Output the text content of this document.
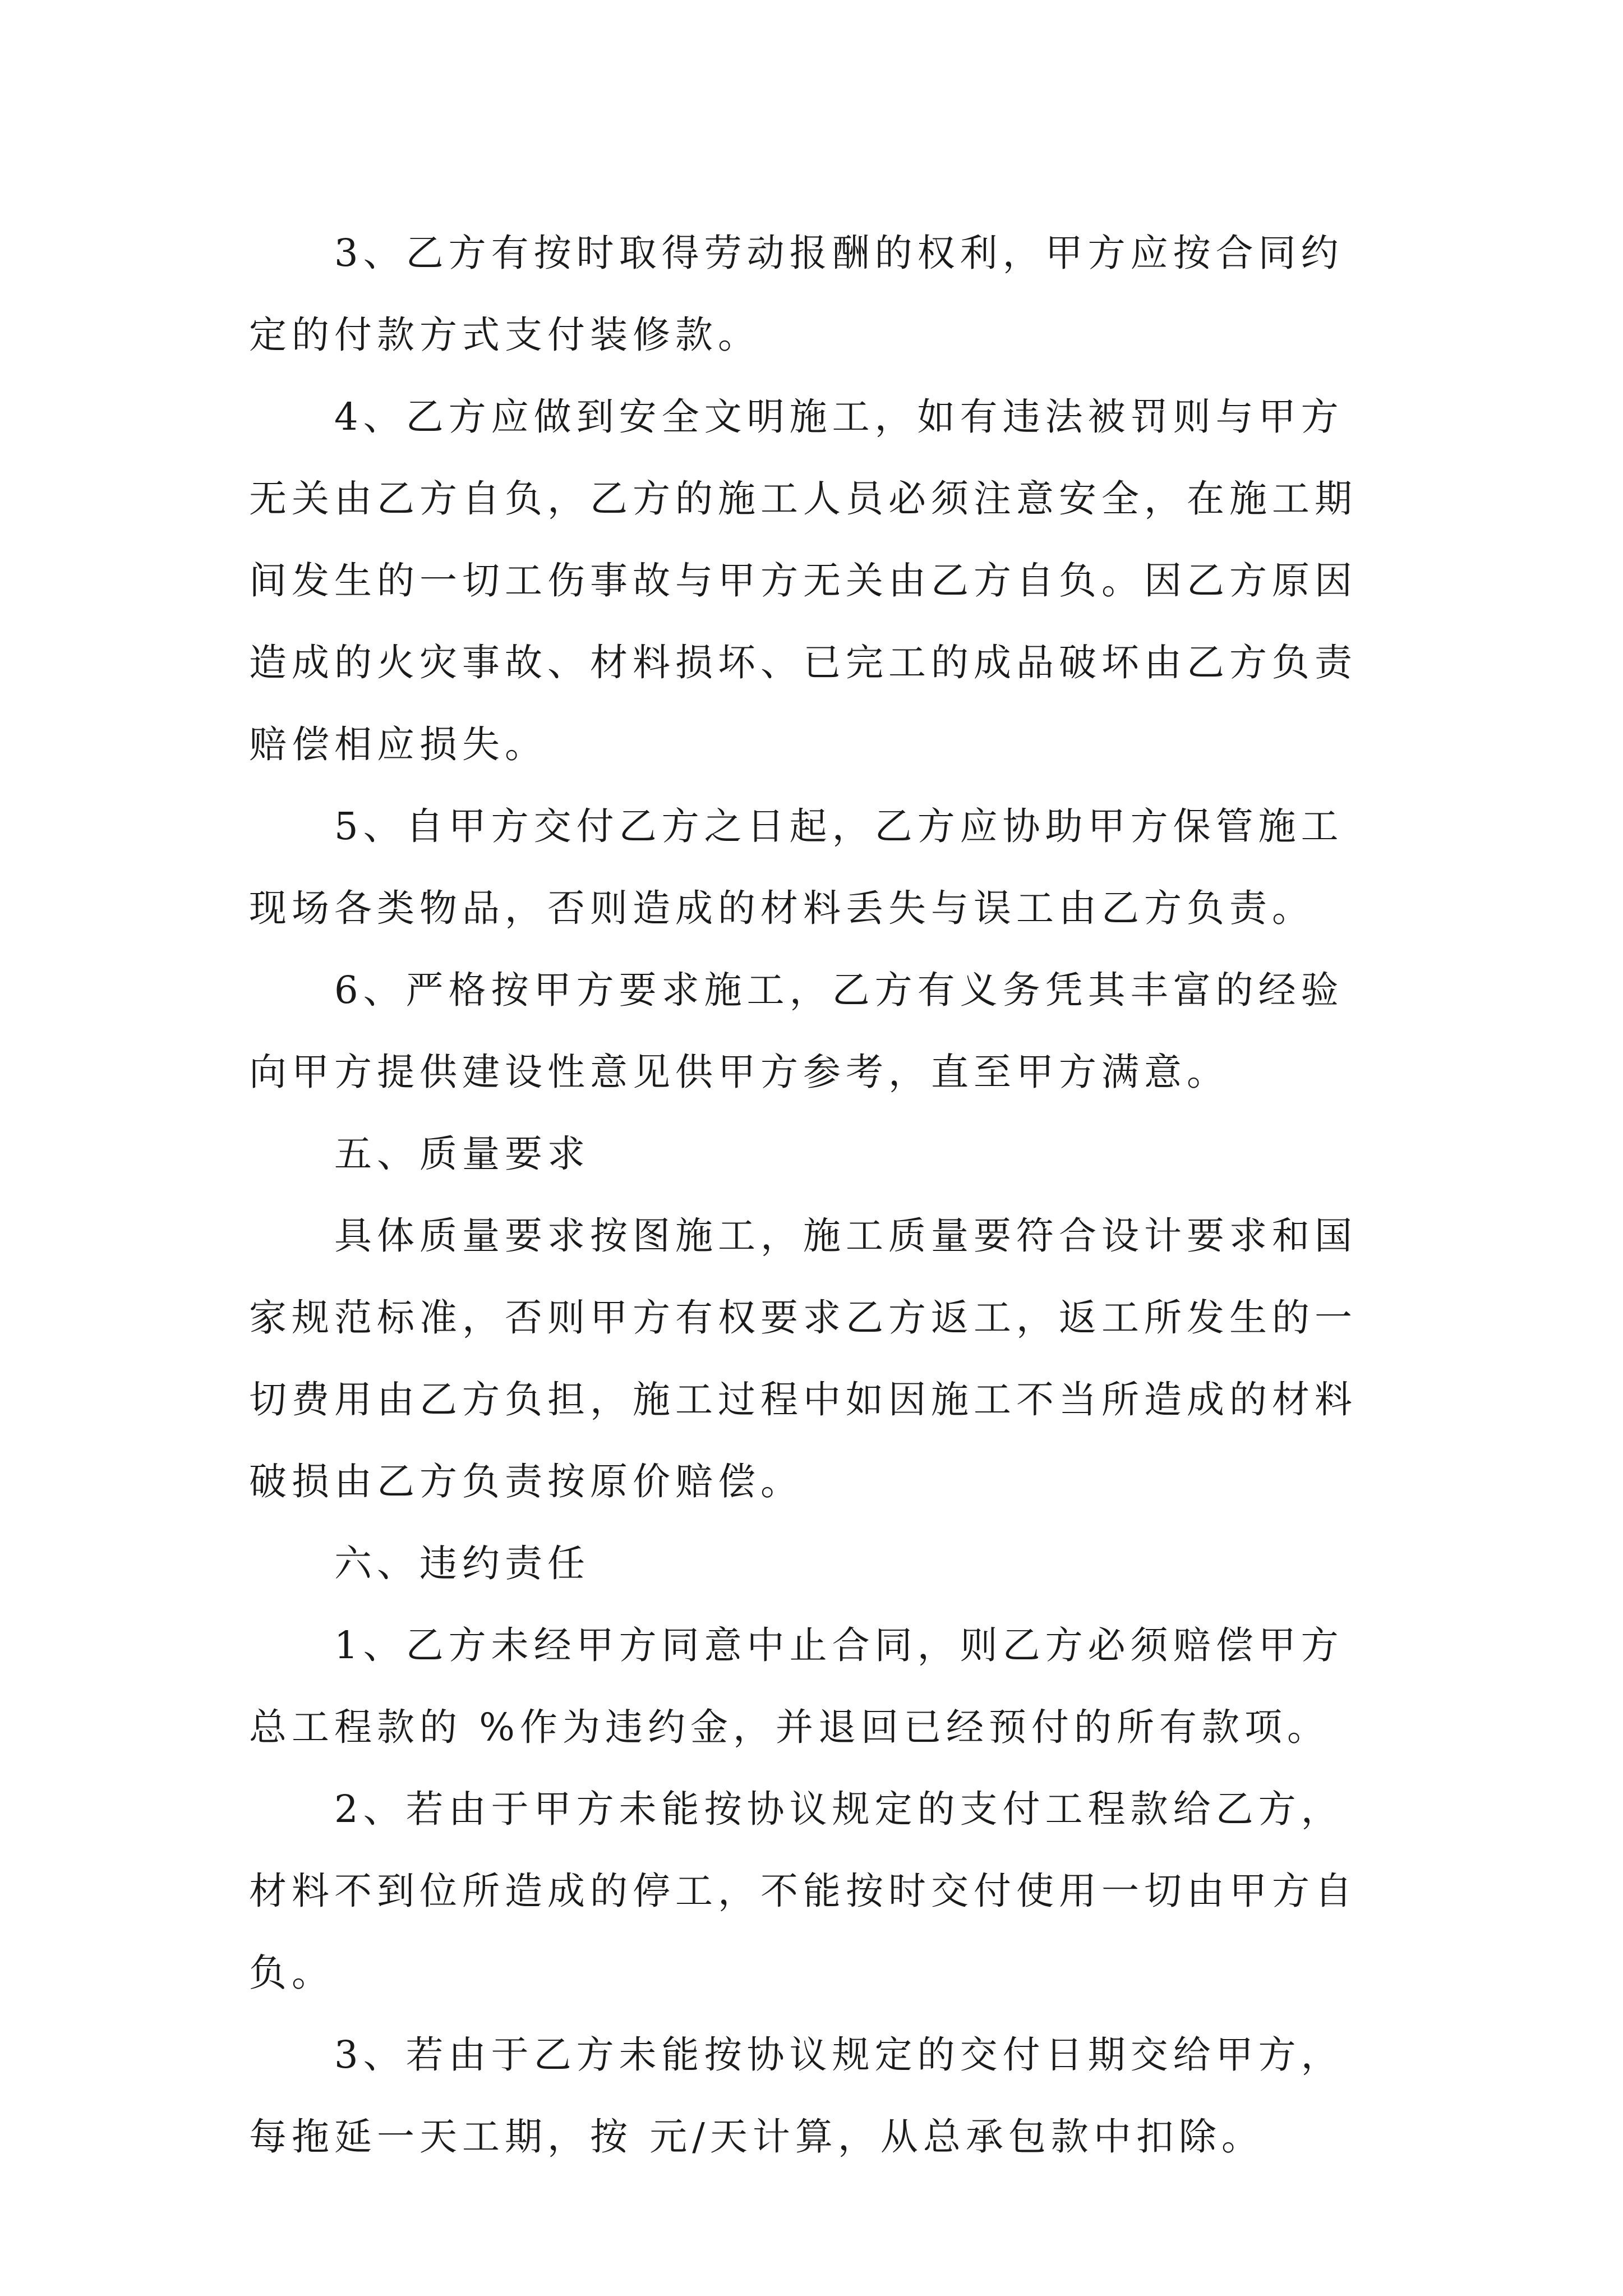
3、乙方有按时取得劳动报酬的权利，甲方应按合同约
定的付款方式支付装修款。
4、乙方应做到安全文明施工，如有违法被罚则与甲方
无关由乙方自负，乙方的施工人员必须注意安全，在施工期
间发生的一切工伤事故与甲方无关由乙方自负。因乙方原因
造成的火灾事故、材料损坏、已完工的成品破坏由乙方负责
赔偿相应损失。
5、自甲方交付乙方之日起，乙方应协助甲方保管施工
现场各类物品，否则造成的材料丢失与误工由乙方负责。
6、严格按甲方要求施工，乙方有义务凭其丰富的经验
向甲方提供建设性意见供甲方参考，直至甲方满意。
五、质量要求
具体质量要求按图施工，施工质量要符合设计要求和国
家规范标准，否则甲方有权要求乙方返工，返工所发生的一
切费用由乙方负担，施工过程中如因施工不当所造成的材料
破损由乙方负责按原价赔偿。
六、违约责任
1、乙方未经甲方同意中止合同，则乙方必须赔偿甲方
总工程款的 %作为违约金，并退回已经预付的所有款项。
2、若由于甲方未能按协议规定的支付工程款给乙方，
材料不到位所造成的停工，不能按时交付使用一切由甲方自
负。
3、若由于乙方未能按协议规定的交付日期交给甲方，
每拖延一天工期，按 元/天计算，从总承包款中扣除。
